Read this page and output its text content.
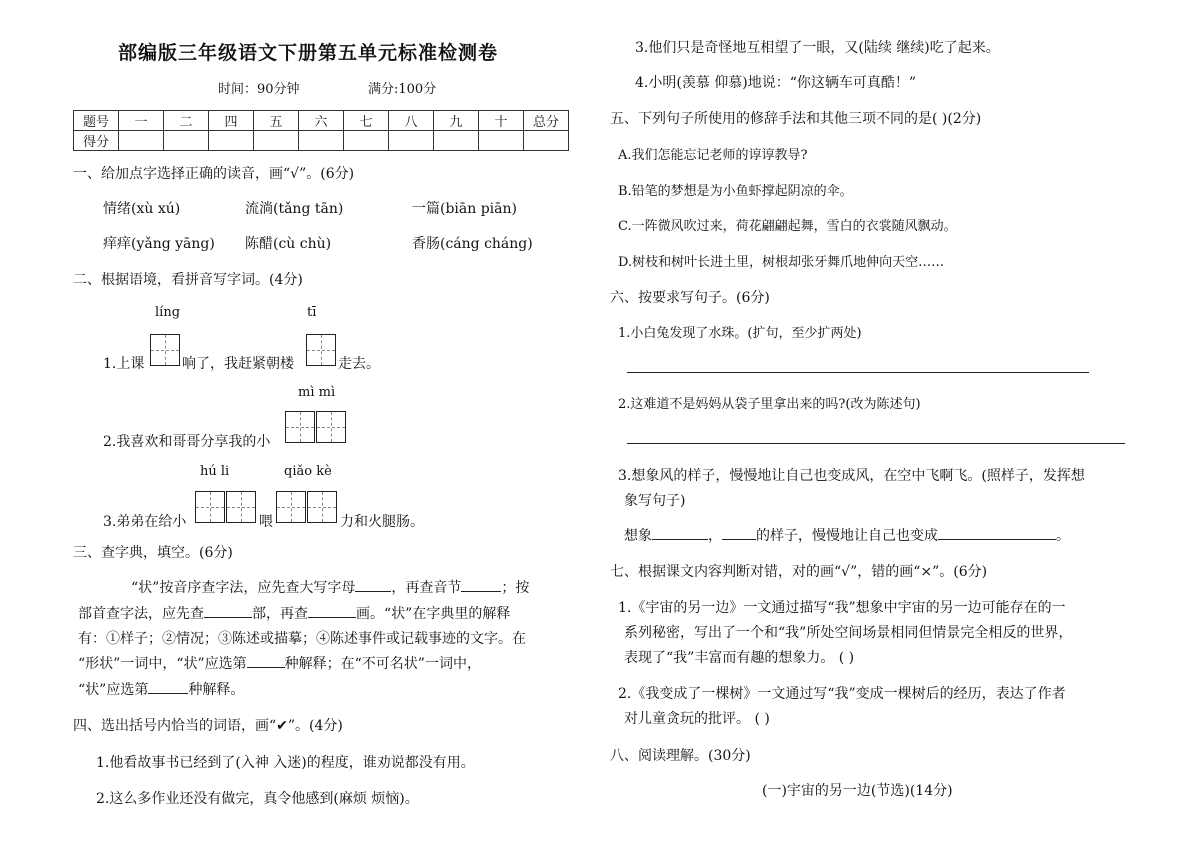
部编版三年级语文下册第五单元标准检测卷
时间：90分钟	满分:100分
题号	一	二	四	五	六	七	八	九	十	总分
得分										
一、给加点字选择正确的读音，画“√”。(6分)
情绪(xù xú)	流淌(tǎng tān)	一篇(biān piān)
痒痒(yǎng yāng) 陈醋(cù chù)	香肠(cáng cháng)
二、根据语境，看拼音写字词。(4分)
líng	tī
1.上课	响了，我赶紧朝楼	走去。
mì mì
2.我喜欢和哥哥分享我的小
hú li	qiǎo kè
3.弟弟在给小	喂	力和火腿肠。
三、查字典，填空。(6分)
“状”按音序查字法，应先查大写字母	，再查音节	；按
部首查字法，应先查	部，再查	画。“状”在字典里的解释
有：①样子；②情况；③陈述或描摹；④陈述事件或记载事迹的文字。在
“形状”一词中，“状”应选第	种解释；在“不可名状”一词中，
“状”应选第	种解释。
四、选出括号内恰当的词语，画“✔”。(4分)
1.他看故事书已经到了(入神 入迷)的程度，谁劝说都没有用。
2.这么多作业还没有做完，真令他感到(麻烦 烦恼)。
3.他们只是奇怪地互相望了一眼，又(陆续 继续)吃了起来。
4.小明(羡慕 仰慕)地说：“你这辆车可真酷！”
五、下列句子所使用的修辞手法和其他三项不同的是( )(2分)
A.我们怎能忘记老师的谆谆教导?
B.铅笔的梦想是为小鱼虾撑起阴凉的伞。
C.一阵微风吹过来，荷花翩翩起舞，雪白的衣裳随风飘动。
D.树枝和树叶长进土里，树根却张牙舞爪地伸向天空……
六、按要求写句子。(6分)
1.小白兔发现了水珠。(扩句，至少扩两处)
2.这难道不是妈妈从袋子里拿出来的吗?(改为陈述句)
3.想象风的样子，慢慢地让自己也变成风，在空中飞啊飞。(照样子，发挥想
象写句子)
想象	， 的样子，慢慢地让自己也变成	。
七、根据课文内容判断对错，对的画“√”，错的画“×”。(6分)
1.《宇宙的另一边》一文通过描写“我”想象中宇宙的另一边可能存在的一
系列秘密，写出了一个和“我”所处空间场景相同但情景完全相反的世界，
表现了“我”丰富而有趣的想象力。 ( )
2.《我变成了一棵树》一文通过写“我”变成一棵树后的经历，表达了作者
对儿童贪玩的批评。 ( )
八、阅读理解。(30分)
(一)宇宙的另一边(节选)(14分)
